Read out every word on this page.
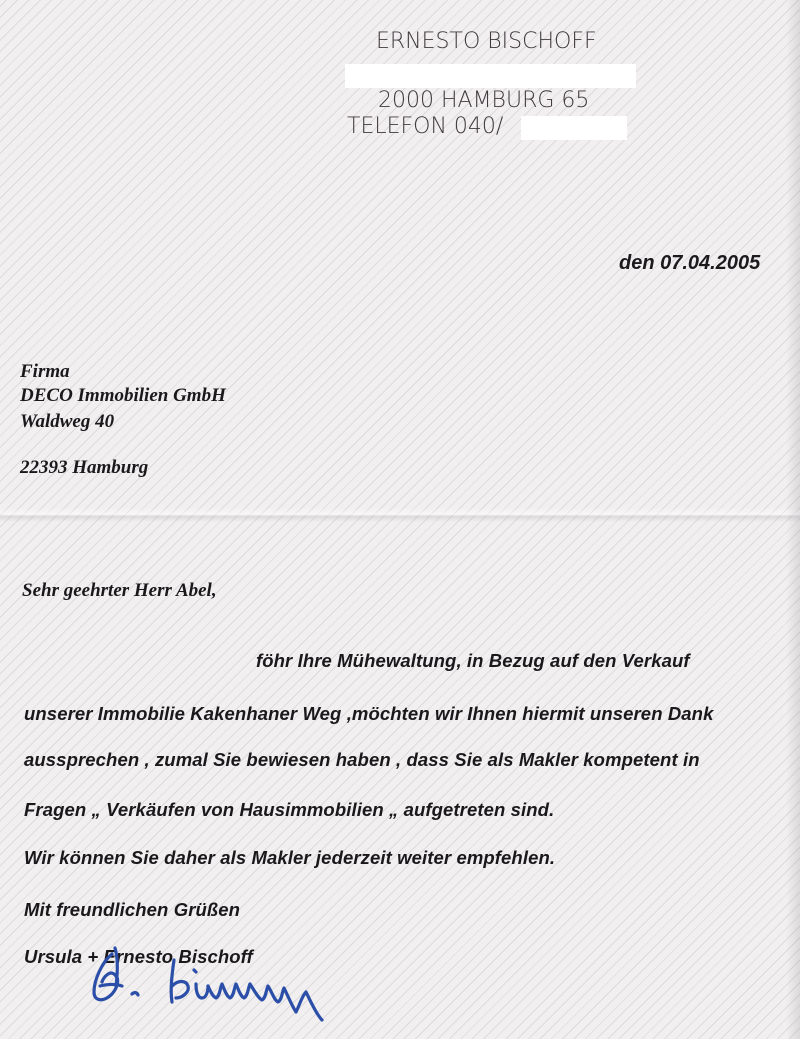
ERNESTO BISCHOFF
2000 HAMBURG 65
TELEFON 040/
den 07.04.2005
Firma
DECO Immobilien GmbH
Waldweg 40
22393 Hamburg
Sehr geehrter Herr Abel,
föhr Ihre Mühewaltung, in Bezug auf den Verkauf
unserer Immobilie Kakenhaner Weg ,möchten wir Ihnen hiermit unseren Dank
aussprechen , zumal Sie bewiesen haben , dass Sie als Makler kompetent in
Fragen „ Verkäufen von Hausimmobilien „ aufgetreten sind.
Wir können Sie daher als Makler jederzeit weiter empfehlen.
Mit freundlichen Grüßen
Ursula + Ernesto Bischoff
